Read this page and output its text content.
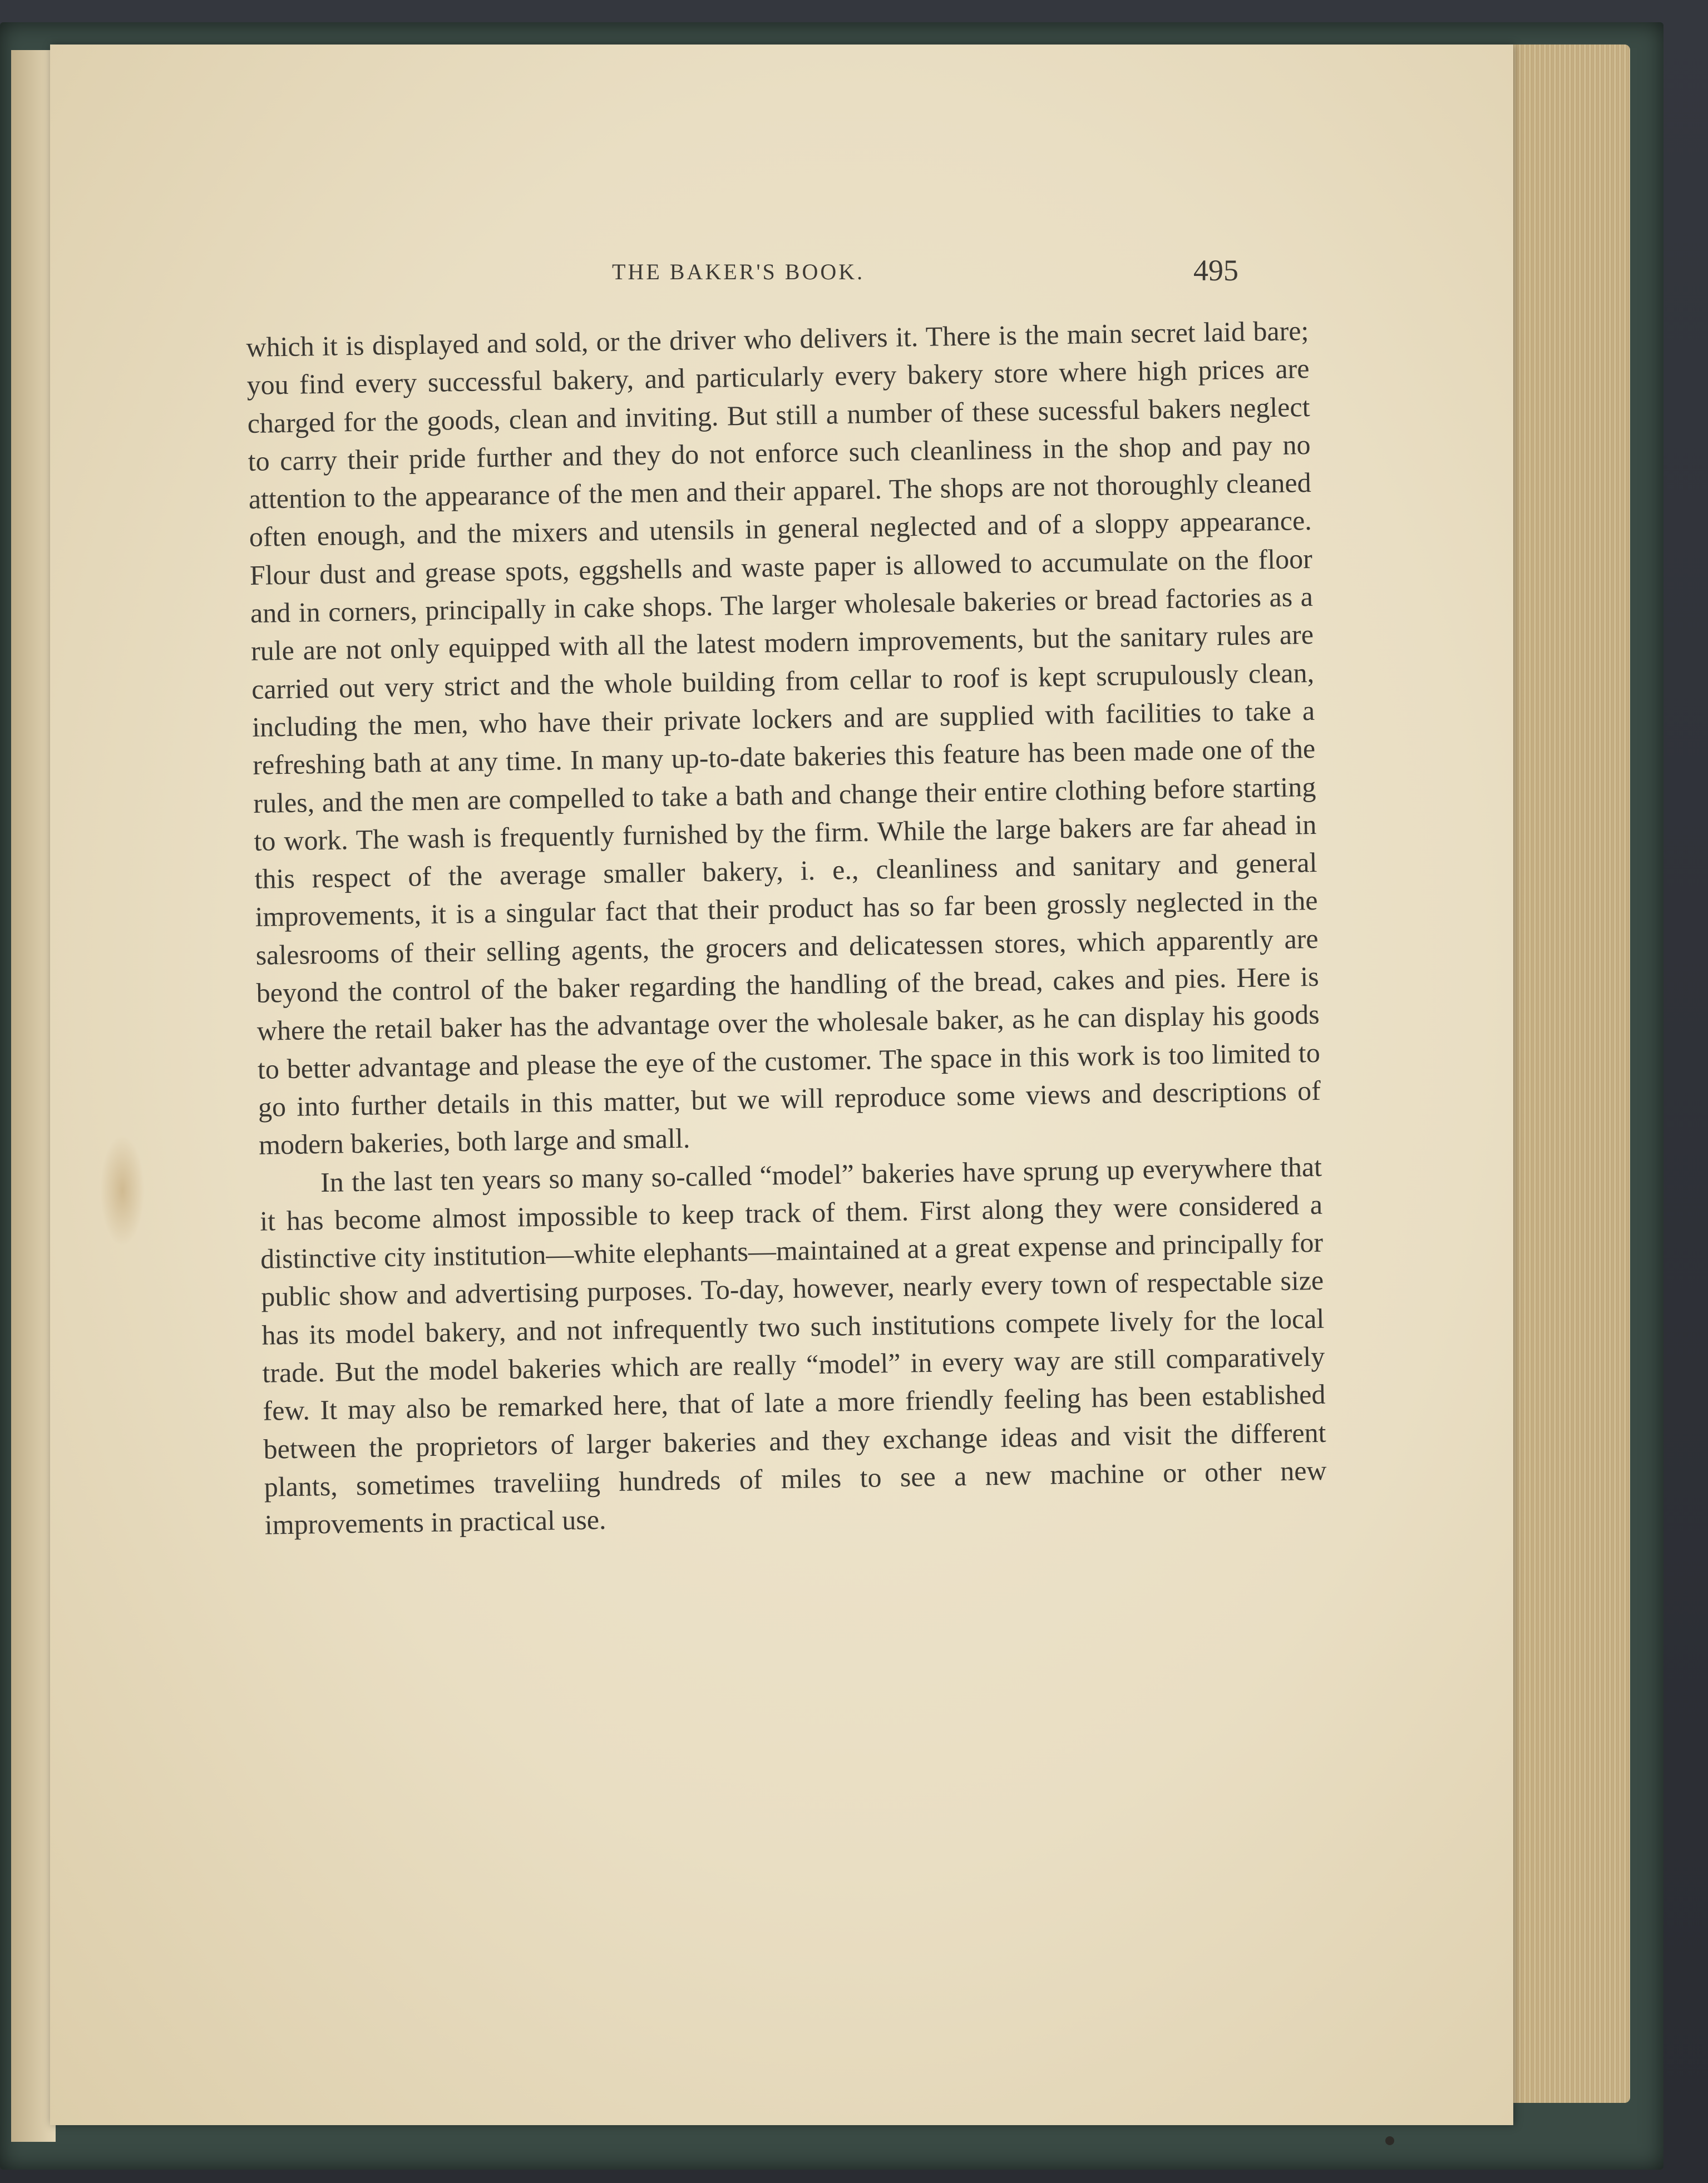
THE BAKER'S BOOK.	495

which it is displayed and sold, or the driver who delivers it. There is the main secret laid bare; you find every successful bakery, and particularly every bakery store where high prices are charged for the goods, clean and inviting. But still a number of these sucessful bakers neglect to carry their pride further and they do not enforce such cleanliness in the shop and pay no attention to the appearance of the men and their apparel. The shops are not thoroughly cleaned often enough, and the mixers and utensils in general neglected and of a sloppy appearance. Flour dust and grease spots, eggshells and waste paper is allowed to accumulate on the floor and in corners, principally in cake shops. The larger wholesale bakeries or bread factories as a rule are not only equipped with all the latest modern improvements, but the sanitary rules are carried out very strict and the whole building from cellar to roof is kept scrupulously clean, including the men, who have their private lockers and are supplied with facilities to take a refreshing bath at any time. In many up-to-date bakeries this feature has been made one of the rules, and the men are compelled to take a bath and change their entire clothing before starting to work. The wash is frequently furnished by the firm. While the large bakers are far ahead in this respect of the average smaller bakery, i. e., cleanliness and sanitary and general improvements, it is a singular fact that their product has so far been grossly neglected in the salesrooms of their selling agents, the grocers and delicatessen stores, which apparently are beyond the control of the baker regarding the handling of the bread, cakes and pies. Here is where the retail baker has the advantage over the wholesale baker, as he can display his goods to better advantage and please the eye of the customer. The space in this work is too limited to go into further details in this matter, but we will reproduce some views and descriptions of modern bakeries, both large and small.

In the last ten years so many so-called “model” bakeries have sprung up everywhere that it has become almost impossible to keep track of them. First along they were considered a distinctive city institution—white elephants—maintained at a great expense and principally for public show and advertising purposes. To-day, however, nearly every town of respectable size has its model bakery, and not infrequently two such institutions compete lively for the local trade. But the model bakeries which are really “model” in every way are still comparatively few. It may also be remarked here, that of late a more friendly feeling has been established between the proprietors of larger bakeries and they exchange ideas and visit the different plants, sometimes traveliing hundreds of miles to see a new machine or other new improvements in practical use.
